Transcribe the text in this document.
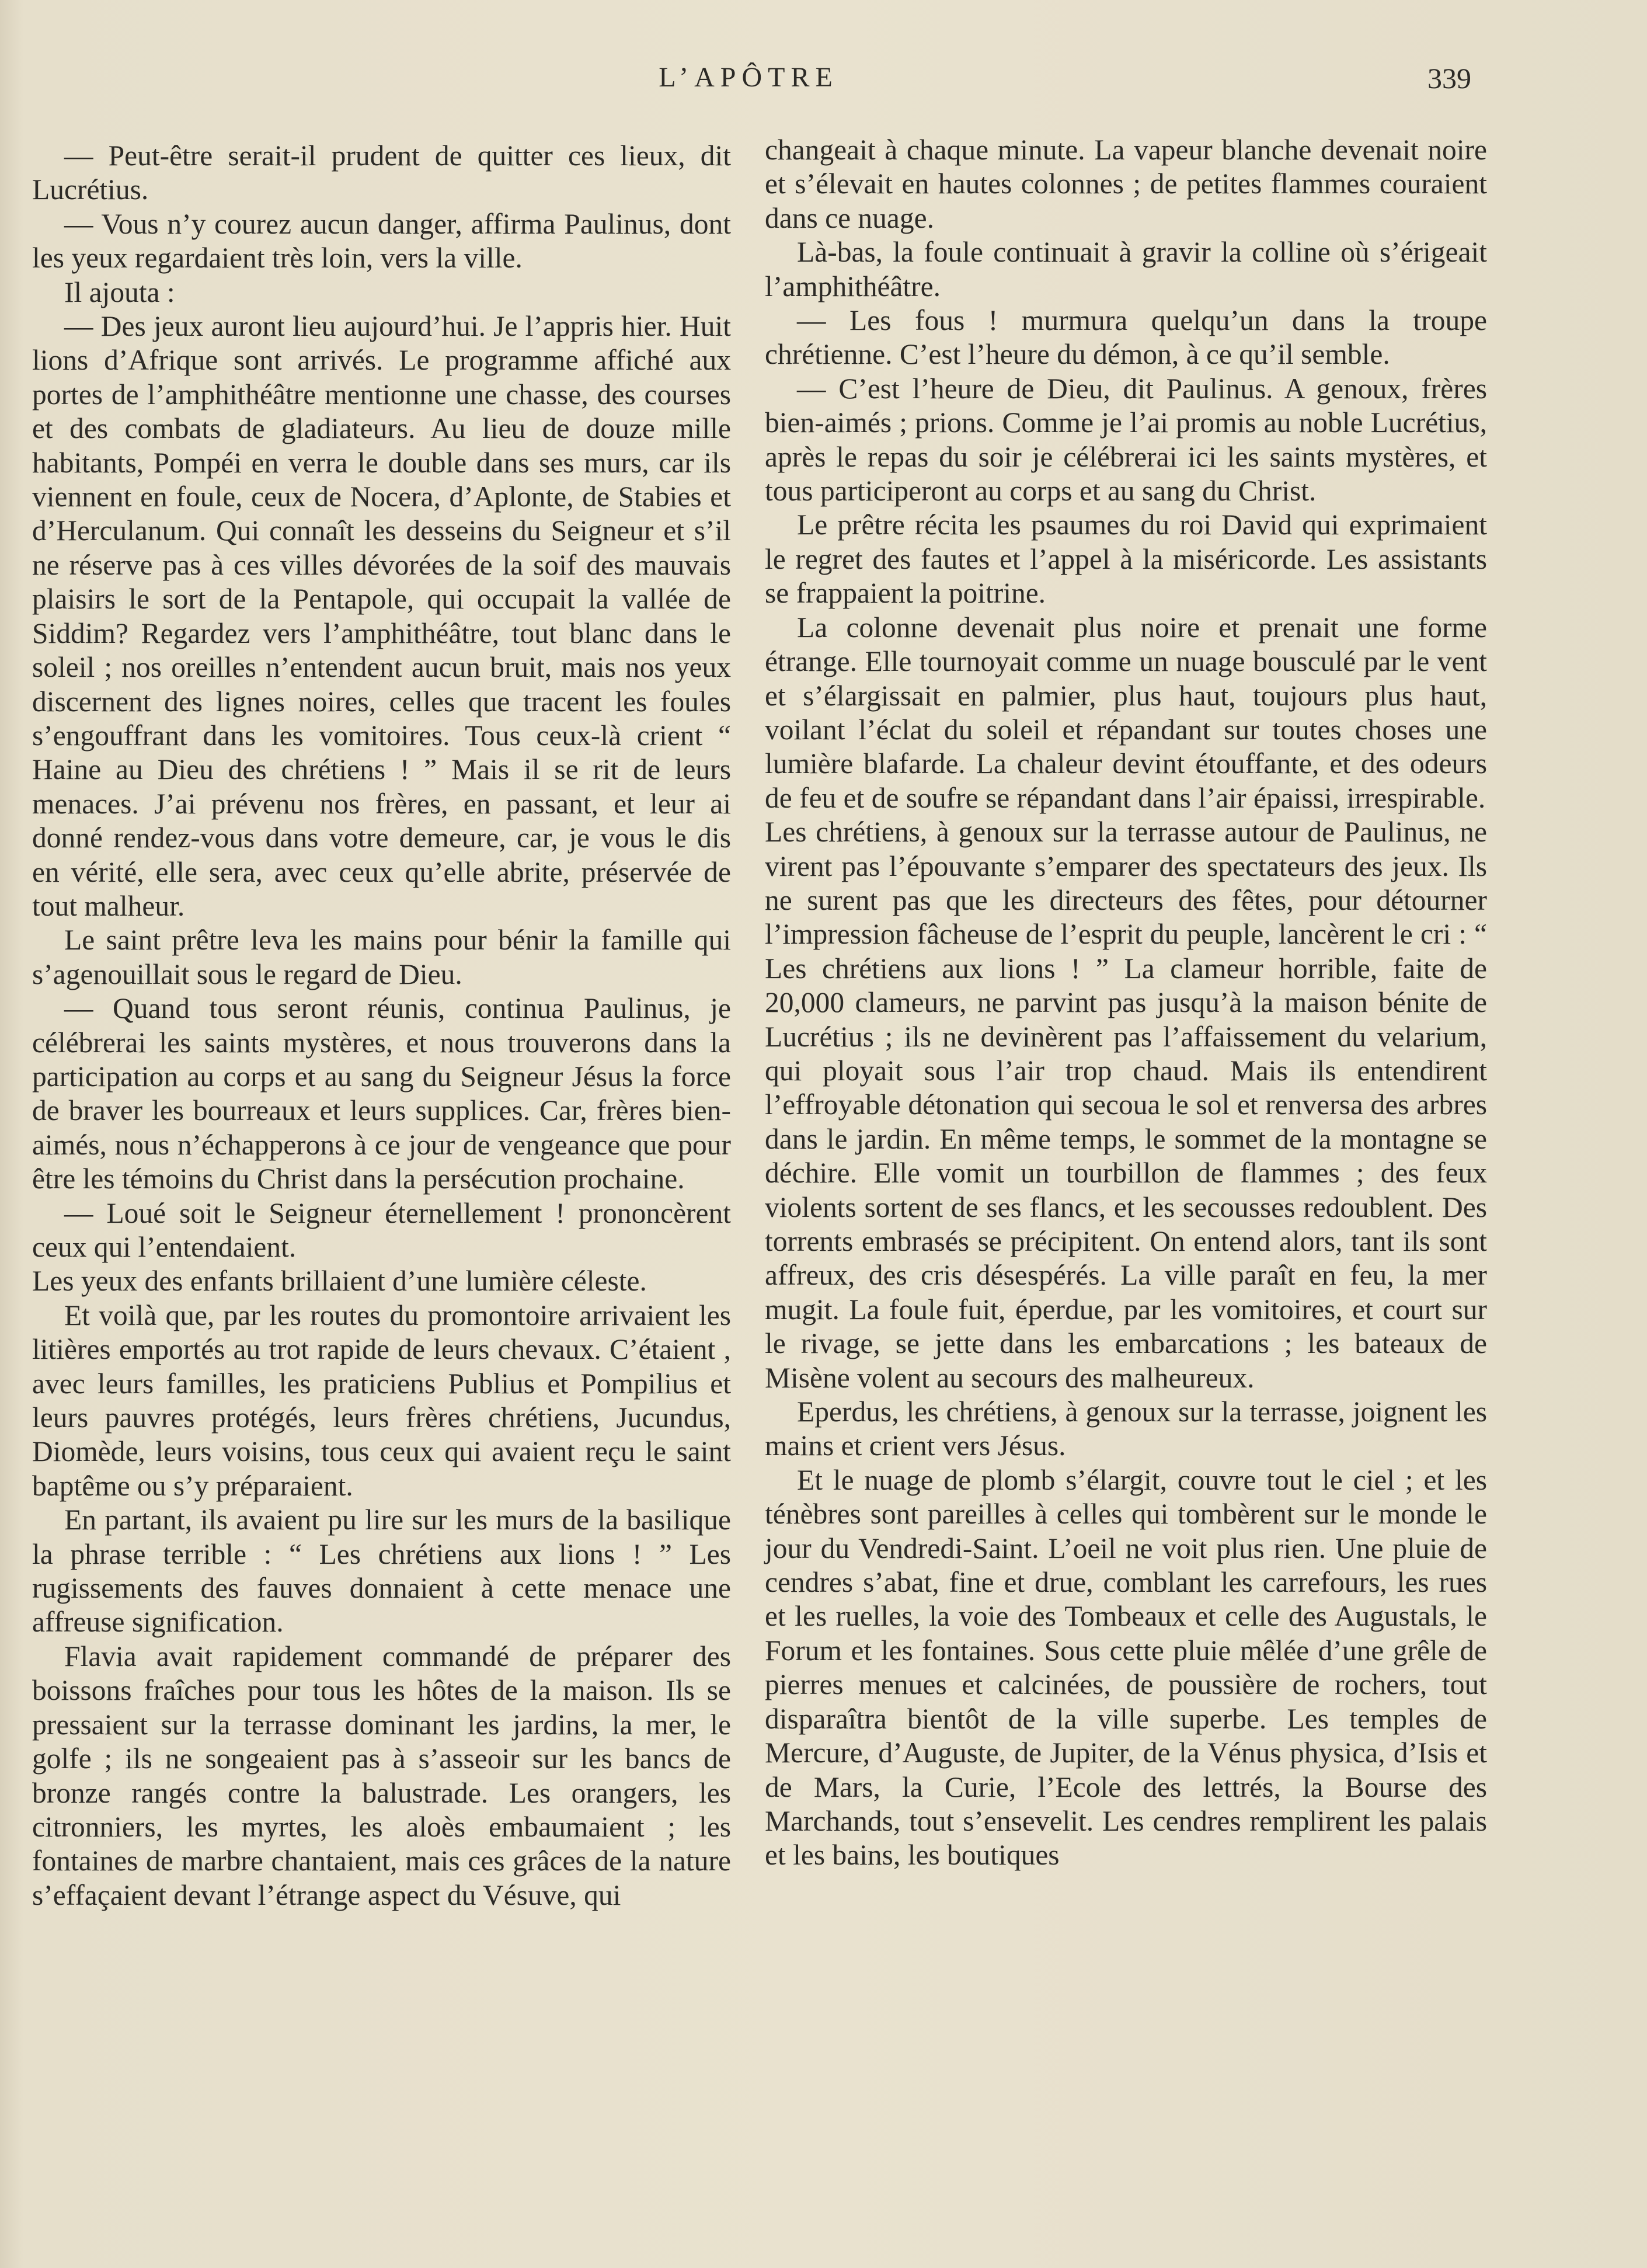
L’APÔTRE	339

— Peut-être serait-il prudent de quitter ces lieux, dit Lucrétius.

— Vous n’y courez aucun danger, affirma Paulinus, dont les yeux regardaient très loin, vers la ville.

Il ajouta :

— Des jeux auront lieu aujourd’hui. Je l’appris hier. Huit lions d’Afrique sont arrivés. Le programme affiché aux portes de l’amphithéâtre mentionne une chasse, des courses et des combats de gladiateurs. Au lieu de douze mille habitants, Pompéi en verra le double dans ses murs, car ils viennent en foule, ceux de Nocera, d’Aplonte, de Stabies et d’Herculanum. Qui connaît les desseins du Seigneur et s’il ne réserve pas à ces villes dévorées de la soif des mauvais plaisirs le sort de la Pentapole, qui occupait la vallée de Siddim? Regardez vers l’amphithéâtre, tout blanc dans le soleil ; nos oreilles n’entendent aucun bruit, mais nos yeux discernent des lignes noires, celles que tracent les foules s’engouffrant dans les vomitoires. Tous ceux-là crient “ Haine au Dieu des chrétiens ! ” Mais il se rit de leurs menaces. J’ai prévenu nos frères, en passant, et leur ai donné rendez-vous dans votre demeure, car, je vous le dis en vérité, elle sera, avec ceux qu’elle abrite, préservée de tout malheur.

Le saint prêtre leva les mains pour bénir la famille qui s’agenouillait sous le regard de Dieu.

— Quand tous seront réunis, continua Paulinus, je célébrerai les saints mystères, et nous trouverons dans la participation au corps et au sang du Seigneur Jésus la force de braver les bourreaux et leurs supplices. Car, frères bien-aimés, nous n’échapperons à ce jour de vengeance que pour être les témoins du Christ dans la persécution prochaine.

— Loué soit le Seigneur éternellement ! prononcèrent ceux qui l’entendaient.

Les yeux des enfants brillaient d’une lumière céleste.

Et voilà que, par les routes du promontoire arrivaient les litières emportés au trot rapide de leurs chevaux. C’étaient , avec leurs familles, les praticiens Publius et Pompilius et leurs pauvres protégés, leurs frères chrétiens, Jucundus, Diomède, leurs voisins, tous ceux qui avaient reçu le saint baptême ou s’y préparaient.

En partant, ils avaient pu lire sur les murs de la basilique la phrase terrible : “ Les chrétiens aux lions ! ” Les rugissements des fauves donnaient à cette menace une affreuse signification.

Flavia avait rapidement commandé de préparer des boissons fraîches pour tous les hôtes de la maison. Ils se pressaient sur la terrasse dominant les jardins, la mer, le golfe ; ils ne songeaient pas à s’asseoir sur les bancs de bronze rangés contre la balustrade. Les orangers, les citronniers, les myrtes, les aloès embaumaient ; les fontaines de marbre chantaient, mais ces grâces de la nature s’effaçaient devant l’étrange aspect du Vésuve, qui

changeait à chaque minute. La vapeur blanche devenait noire et s’élevait en hautes colonnes ; de petites flammes couraient dans ce nuage.

Là-bas, la foule continuait à gravir la colline où s’érigeait l’amphithéâtre.

— Les fous ! murmura quelqu’un dans la troupe chrétienne. C’est l’heure du démon, à ce qu’il semble.

— C’est l’heure de Dieu, dit Paulinus. A genoux, frères bien-aimés ; prions. Comme je l’ai promis au noble Lucrétius, après le repas du soir je célébrerai ici les saints mystères, et tous participeront au corps et au sang du Christ.

Le prêtre récita les psaumes du roi David qui exprimaient le regret des fautes et l’appel à la miséricorde. Les assistants se frappaient la poitrine.

La colonne devenait plus noire et prenait une forme étrange. Elle tournoyait comme un nuage bousculé par le vent et s’élargissait en palmier, plus haut, toujours plus haut, voilant l’éclat du soleil et répandant sur toutes choses une lumière blafarde. La chaleur devint étouffante, et des odeurs de feu et de soufre se répandant dans l’air épaissi, irrespirable.

Les chrétiens, à genoux sur la terrasse autour de Paulinus, ne virent pas l’épouvante s’emparer des spectateurs des jeux. Ils ne surent pas que les directeurs des fêtes, pour détourner l’impression fâcheuse de l’esprit du peuple, lancèrent le cri : “ Les chrétiens aux lions ! ” La clameur horrible, faite de 20,000 clameurs, ne parvint pas jusqu’à la maison bénite de Lucrétius ; ils ne devinèrent pas l’affaissement du velarium, qui ployait sous l’air trop chaud. Mais ils entendirent l’effroyable détonation qui secoua le sol et renversa des arbres dans le jardin. En même temps, le sommet de la montagne se déchire. Elle vomit un tourbillon de flammes ; des feux violents sortent de ses flancs, et les secousses redoublent. Des torrents embrasés se précipitent. On entend alors, tant ils sont affreux, des cris désespérés. La ville paraît en feu, la mer mugit. La foule fuit, éperdue, par les vomitoires, et court sur le rivage, se jette dans les embarcations ; les bateaux de Misène volent au secours des malheureux.

Eperdus, les chrétiens, à genoux sur la terrasse, joignent les mains et crient vers Jésus.

Et le nuage de plomb s’élargit, couvre tout le ciel ; et les ténèbres sont pareilles à celles qui tombèrent sur le monde le jour du Vendredi-Saint. L’oeil ne voit plus rien. Une pluie de cendres s’abat, fine et drue, comblant les carrefours, les rues et les ruelles, la voie des Tombeaux et celle des Augustals, le Forum et les fontaines. Sous cette pluie mêlée d’une grêle de pierres menues et calcinées, de poussière de rochers, tout disparaîtra bientôt de la ville superbe. Les temples de Mercure, d’Auguste, de Jupiter, de la Vénus physica, d’Isis et de Mars, la Curie, l’Ecole des lettrés, la Bourse des Marchands, tout s’ensevelit. Les cendres remplirent les palais et les bains, les boutiques
